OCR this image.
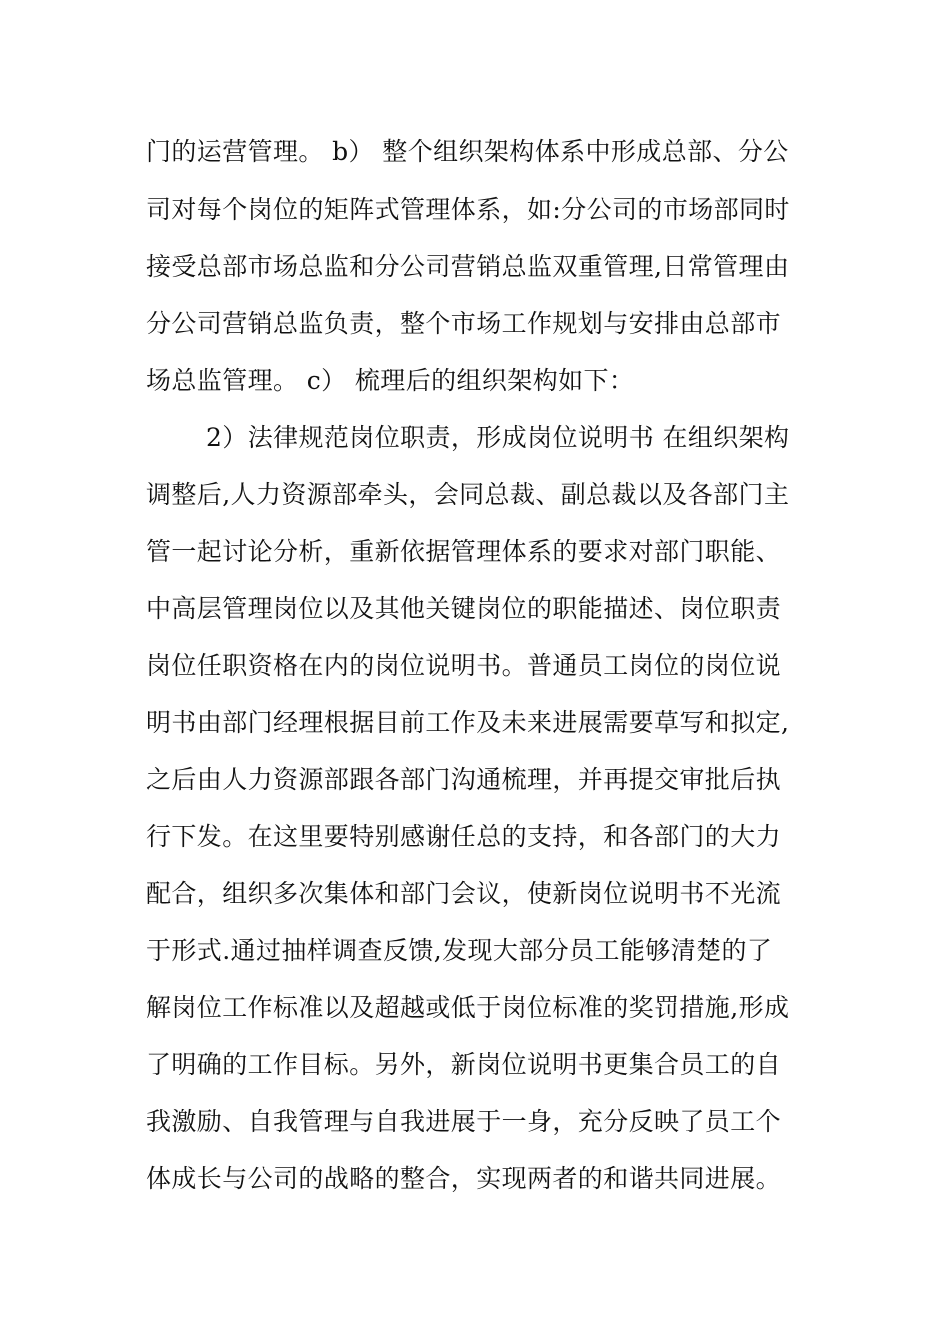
门的运营管理。 b） 整个组织架构体系中形成总部、分公
司对每个岗位的矩阵式管理体系，如:分公司的市场部同时
接受总部市场总监和分公司营销总监双重管理,日常管理由
分公司营销总监负责，整个市场工作规划与安排由总部市
场总监管理。 c） 梳理后的组织架构如下：
2）法律规范岗位职责，形成岗位说明书 在组织架构
调整后,人力资源部牵头，会同总裁、副总裁以及各部门主
管一起讨论分析，重新依据管理体系的要求对部门职能、
中高层管理岗位以及其他关键岗位的职能描述、岗位职责
岗位任职资格在内的岗位说明书。普通员工岗位的岗位说
明书由部门经理根据目前工作及未来进展需要草写和拟定,
之后由人力资源部跟各部门沟通梳理，并再提交审批后执
行下发。在这里要特别感谢任总的支持，和各部门的大力
配合，组织多次集体和部门会议，使新岗位说明书不光流
于形式.通过抽样调查反馈,发现大部分员工能够清楚的了
解岗位工作标准以及超越或低于岗位标准的奖罚措施,形成
了明确的工作目标。另外，新岗位说明书更集合员工的自
我激励、自我管理与自我进展于一身，充分反映了员工个
体成长与公司的战略的整合，实现两者的和谐共同进展。
